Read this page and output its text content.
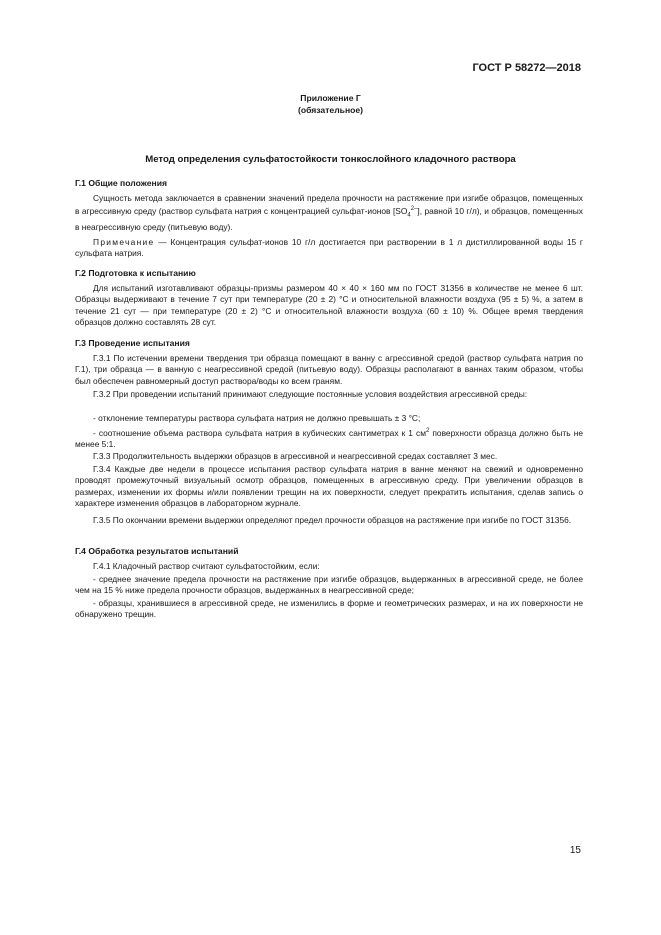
ГОСТ Р 58272—2018
Приложение Г
(обязательное)
Метод определения сульфатостойкости тонкослойного кладочного раствора
Г.1 Общие положения
Сущность метода заключается в сравнении значений предела прочности на растяжение при изгибе образцов, помещенных в агрессивную среду (раствор сульфата натрия с концентрацией сульфат-ионов $[SO_4^{2-}]$, равной 10 г/л), и образцов, помещенных в неагрессивную среду (питьевую воду).
Примечание — Концентрация сульфат-ионов 10 г/л достигается при растворении в 1 л дистиллированной воды 15 г сульфата натрия.
Г.2 Подготовка к испытанию
Для испытаний изготавливают образцы-призмы размером 40 × 40 × 160 мм по ГОСТ 31356 в количестве не менее 6 шт. Образцы выдерживают в течение 7 сут при температуре (20 ± 2) °С и относительной влажности воздуха (95 ± 5) %, а затем в течение 21 сут — при температуре (20 ± 2) °С и относительной влажности воздуха (60 ± 10) %. Общее время твердения образцов должно составлять 28 сут.
Г.3 Проведение испытания
Г.3.1 По истечении времени твердения три образца помещают в ванну с агрессивной средой (раствор сульфата натрия по Г.1), три образца — в ванную с неагрессивной средой (питьевую воду). Образцы располагают в ваннах таким образом, чтобы был обеспечен равномерный доступ раствора/воды ко всем граням.
Г.3.2 При проведении испытаний принимают следующие постоянные условия воздействия агрессивной среды:
- отклонение температуры раствора сульфата натрия не должно превышать ± 3 °С;
- соотношение объема раствора сульфата натрия в кубических сантиметрах к 1 $см^2$ поверхности образца должно быть не менее 5:1.
Г.3.3 Продолжительность выдержки образцов в агрессивной и неагрессивной средах составляет 3 мес.
Г.3.4 Каждые две недели в процессе испытания раствор сульфата натрия в ванне меняют на свежий и одновременно проводят промежуточный визуальный осмотр образцов, помещенных в агрессивную среду. При увеличении образцов в размерах, изменении их формы и/или появлении трещин на их поверхности, следует прекратить испытания, сделав запись о характере изменения образцов в лабораторном журнале.
Г.3.5 По окончании времени выдержки определяют предел прочности образцов на растяжение при изгибе по ГОСТ 31356.
Г.4 Обработка результатов испытаний
Г.4.1 Кладочный раствор считают сульфатостойким, если:
- среднее значение предела прочности на растяжение при изгибе образцов, выдержанных в агрессивной среде, не более чем на 15 % ниже предела прочности образцов, выдержанных в неагрессивной среде;
- образцы, хранившиеся в агрессивной среде, не изменились в форме и геометрических размерах, и на их поверхности не обнаружено трещин.
15
